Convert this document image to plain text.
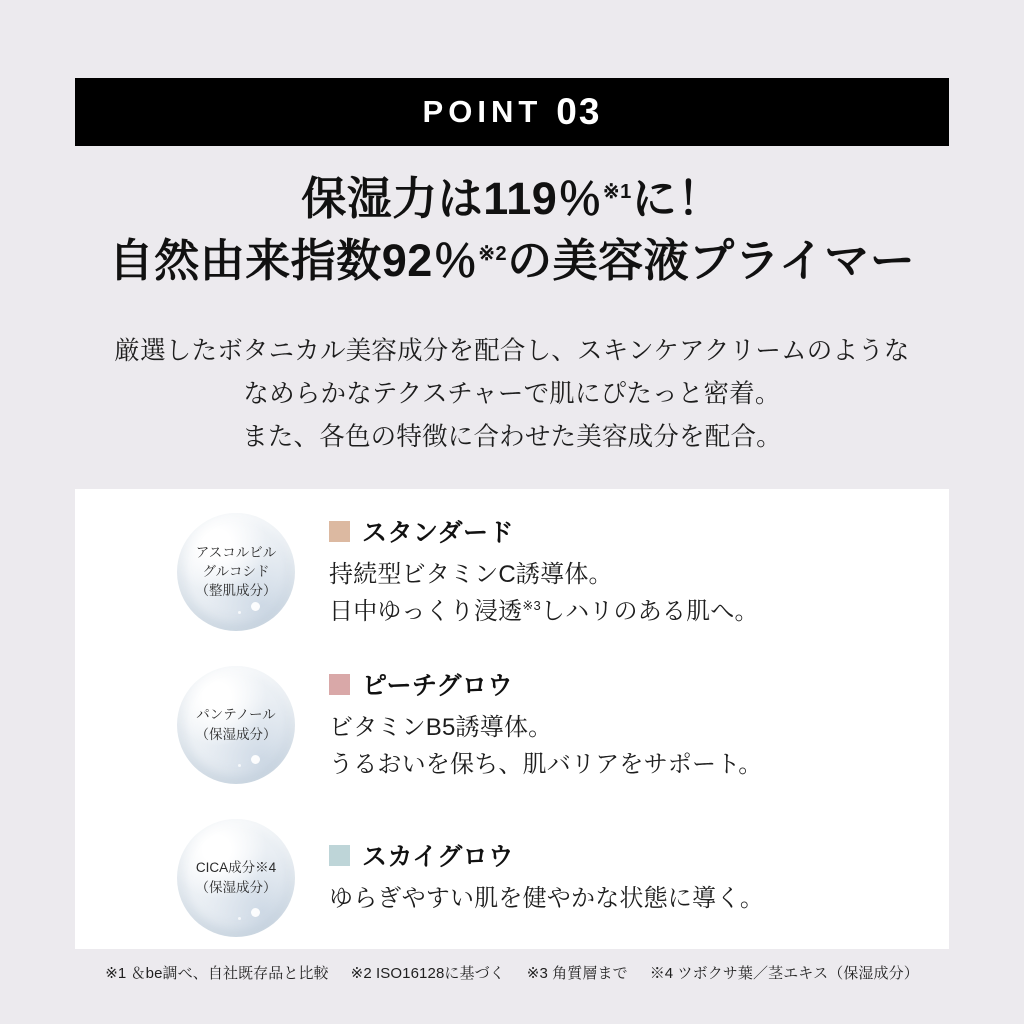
POINT 03
保湿力は119％$^{※1}$に！
自然由来指数92％$^{※2}$の美容液プライマー
厳選したボタニカル美容成分を配合し、スキンケアクリームのような
なめらかなテクスチャーで肌にぴたっと密着。
また、各色の特徴に合わせた美容成分を配合。
アスコルビル
グルコシド
（整肌成分）
スタンダード
持続型ビタミンC誘導体。
日中ゆっくり浸透$^{※3}$しハリのある肌へ。
パンテノール
（保湿成分）
ピーチグロウ
ビタミンB5誘導体。
うるおいを保ち、肌バリアをサポート。
CICA成分※4
（保湿成分）
スカイグロウ
ゆらぎやすい肌を健やかな状態に導く。
※1 ＆be調べ、自社既存品と比較 ※2 ISO16128に基づく ※3 角質層まで ※4 ツボクサ葉／茎エキス（保湿成分）
